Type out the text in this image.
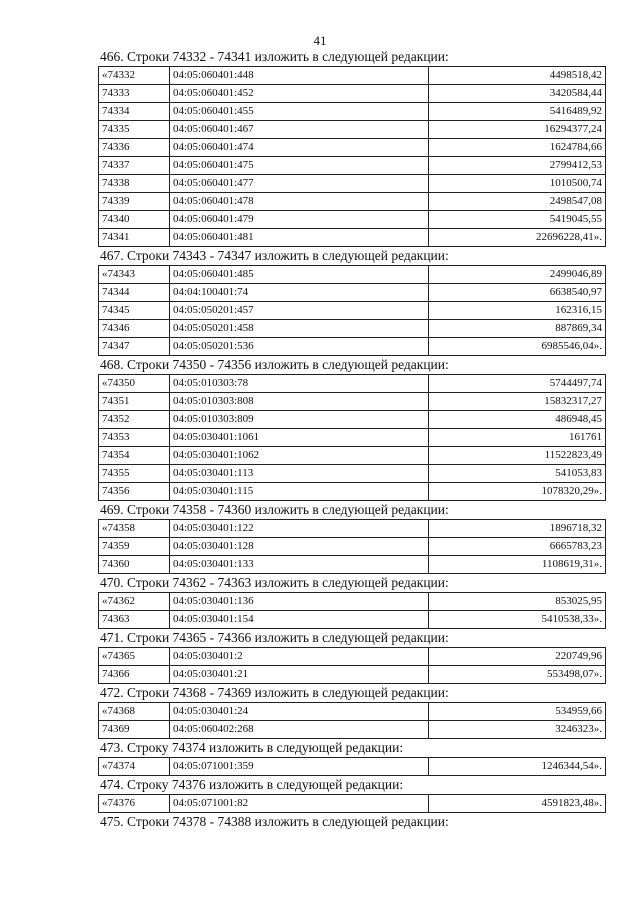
41
466. Строки 74332 - 74341 изложить в следующей редакции:
«74332	04:05:060401:448	4498518,42
74333	04:05:060401:452	3420584,44
74334	04:05:060401:455	5416489,92
74335	04:05:060401:467	16294377,24
74336	04:05:060401:474	1624784,66
74337	04:05:060401:475	2799412,53
74338	04:05:060401:477	1010500,74
74339	04:05:060401:478	2498547,08
74340	04:05:060401:479	5419045,55
74341	04:05:060401:481	22696228,41».
467. Строки 74343 - 74347 изложить в следующей редакции:
«74343	04:05:060401:485	2499046,89
74344	04:04:100401:74	6638540,97
74345	04:05:050201:457	162316,15
74346	04:05:050201:458	887869,34
74347	04:05:050201:536	6985546,04».
468. Строки 74350 - 74356 изложить в следующей редакции:
«74350	04:05:010303:78	5744497,74
74351	04:05:010303:808	15832317,27
74352	04:05:010303:809	486948,45
74353	04:05:030401:1061	161761
74354	04:05:030401:1062	11522823,49
74355	04:05:030401:113	541053,83
74356	04:05:030401:115	1078320,29».
469. Строки 74358 - 74360 изложить в следующей редакции:
«74358	04:05:030401:122	1896718,32
74359	04:05:030401:128	6665783,23
74360	04:05:030401:133	1108619,31».
470. Строки 74362 - 74363 изложить в следующей редакции:
«74362	04:05:030401:136	853025,95
74363	04:05:030401:154	5410538,33».
471. Строки 74365 - 74366 изложить в следующей редакции:
«74365	04:05:030401:2	220749,96
74366	04:05:030401:21	553498,07».
472. Строки 74368 - 74369 изложить в следующей редакции:
«74368	04:05:030401:24	534959,66
74369	04:05:060402:268	3246323».
473. Строку 74374 изложить в следующей редакции:
«74374	04:05:071001:359	1246344,54».
474. Строку 74376 изложить в следующей редакции:
«74376	04:05:071001:82	4591823,48».
475. Строки 74378 - 74388 изложить в следующей редакции:
